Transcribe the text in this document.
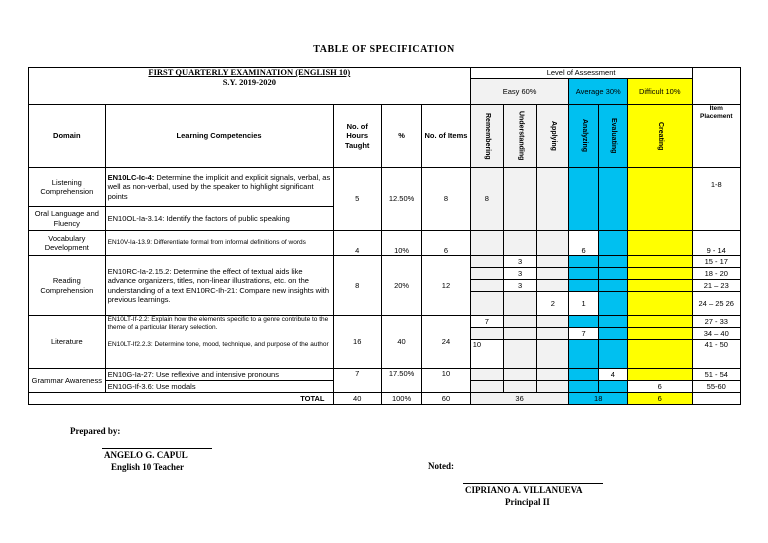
TABLE OF SPECIFICATION
FIRST QUARTERLY EXAMINATION (ENGLISH 10)
S.Y. 2019-2020					Level of Assessment						
					Easy 60%			Average 30%		Difficult 10%	
Domain	Learning Competencies	No. of Hours Taught	%	No. of Items	Remembering	Understanding	Applying	Analyzing	Evaluating	Creating	Item Placement
Listening Comprehension	EN10LC-Ic-4: Determine the implicit and explicit signals, verbal, as well as non-verbal, used by the speaker to highlight significant points	5	12.50%	8	8						1-8
Oral Language and Fluency	EN10OL-Ia-3.14: Identify the factors of public speaking										
Vocabulary Development	EN10V-Ia-13.9: Differentiate formal from informal definitions of words	4	10%	6				6			9 - 14
Reading Comprehension	EN10RC-Ia-2.15.2: Determine the effect of textual aids like advance organizers, titles, non-linear illustrations, etc. on the understanding of a text EN10RC-Ih-21: Compare new insights with previous learnings.	8	20%	12		3					15 - 17
						3					18 - 20
						3					21 – 23
							2	1			24 – 25 26
Literature	EN10LT-If-2.2: Explain how the elements specific to a genre contribute to the theme of a particular literary selection.
EN10LT-If2.2.3: Determine tone, mood, technique, and purpose of the author	16	40	24	7						27 - 33
								7			34 – 40
					10						41 - 50
Grammar Awareness	EN10G-Ia-27: Use reflexive and intensive pronouns	7	17.50%	10					4		51 - 54
	EN10G-If-3.6: Use modals									6	55-60
TOTAL		40	100%	60	36			18		6	
Prepared by:
ANGELO G. CAPUL
English 10 Teacher	Noted:
CIPRIANO A. VILLANUEVA
Principal II
